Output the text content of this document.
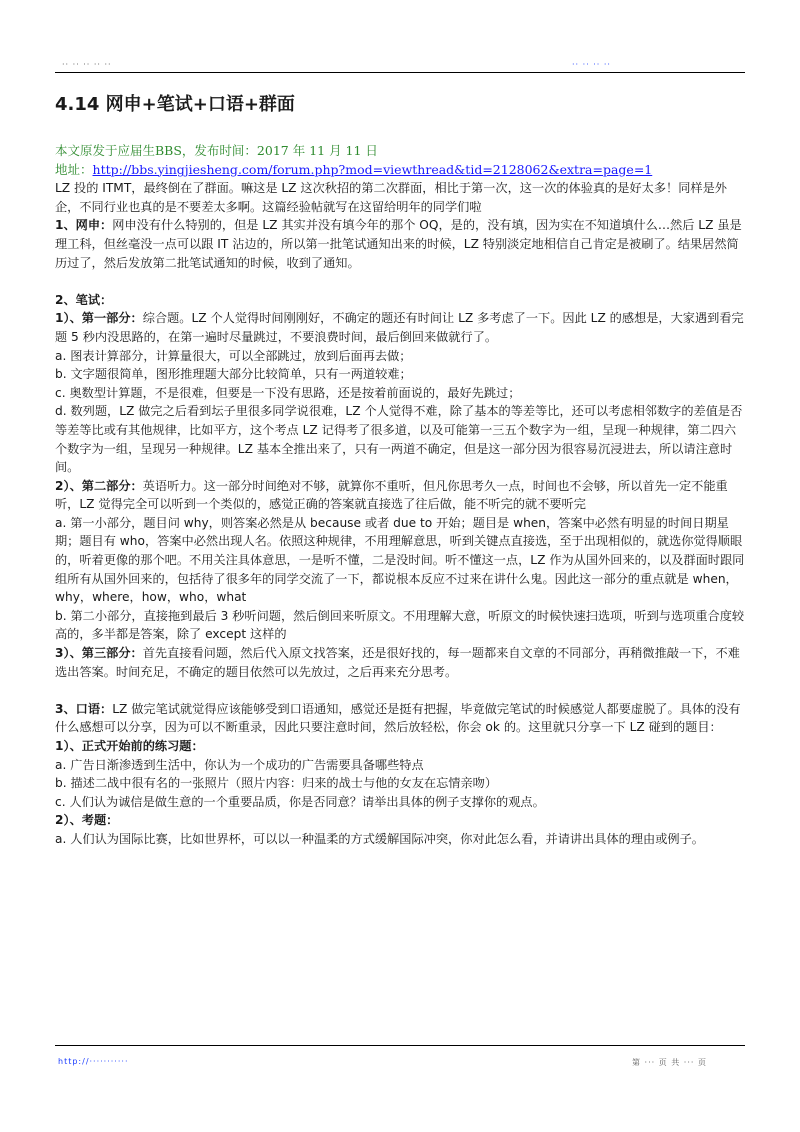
·· ·· ·· ·· ··	·· ·· ·· ··
4.14 网申+笔试+口语+群面

本文原发于应届生BBS，发布时间：2017 年 11 月 11 日

地址：http://bbs.yingjiesheng.com/forum.php?mod=viewthread&tid=2128062&extra=page=1

LZ 投的 ITMT，最终倒在了群面。嘛这是 LZ 这次秋招的第二次群面，相比于第一次，这一次的体验真的是好太多！同样是外企，不同行业也真的是不要差太多啊。这篇经验帖就写在这留给明年的同学们啦

1、网申：网申没有什么特别的，但是 LZ 其实并没有填今年的那个 OQ，是的，没有填，因为实在不知道填什么…然后 LZ 虽是理工科，但丝毫没一点可以跟 IT 沾边的，所以第一批笔试通知出来的时候，LZ 特别淡定地相信自己肯定是被刷了。结果居然简历过了，然后发放第二批笔试通知的时候，收到了通知。

2、笔试：

1）、第一部分：综合题。LZ 个人觉得时间刚刚好，不确定的题还有时间让 LZ 多考虑了一下。因此 LZ 的感想是，大家遇到看完题 5 秒内没思路的，在第一遍时尽量跳过，不要浪费时间，最后倒回来做就行了。

a. 图表计算部分，计算量很大，可以全部跳过，放到后面再去做；

b. 文字题很简单，图形推理题大部分比较简单，只有一两道较难；

c. 奥数型计算题，不是很难，但要是一下没有思路，还是按着前面说的，最好先跳过；

d. 数列题，LZ 做完之后看到坛子里很多同学说很难，LZ 个人觉得不难，除了基本的等差等比，还可以考虑相邻数字的差值是否等差等比或有其他规律，比如平方，这个考点 LZ 记得考了很多道，以及可能第一三五个数字为一组，呈现一种规律，第二四六个数字为一组，呈现另一种规律。LZ 基本全推出来了，只有一两道不确定，但是这一部分因为很容易沉浸进去，所以请注意时间。

2）、第二部分：英语听力。这一部分时间绝对不够，就算你不重听，但凡你思考久一点，时间也不会够，所以首先一定不能重听，LZ 觉得完全可以听到一个类似的，感觉正确的答案就直接选了往后做，能不听完的就不要听完

a. 第一小部分，题目问 why，则答案必然是从 because 或者 due to 开始；题目是 when，答案中必然有明显的时间日期星期；题目有 who，答案中必然出现人名。依照这种规律，不用理解意思，听到关键点直接选，至于出现相似的，就选你觉得顺眼的，听着更像的那个吧。不用关注具体意思，一是听不懂，二是没时间。听不懂这一点，LZ 作为从国外回来的，以及群面时跟同组所有从国外回来的，包括待了很多年的同学交流了一下，都说根本反应不过来在讲什么鬼。因此这一部分的重点就是 when，why，where，how，who，what

b. 第二小部分，直接拖到最后 3 秒听问题，然后倒回来听原文。不用理解大意，听原文的时候快速扫选项，听到与选项重合度较高的，多半都是答案，除了 except 这样的

3）、第三部分：首先直接看问题，然后代入原文找答案，还是很好找的，每一题都来自文章的不同部分，再稍微推敲一下，不难选出答案。时间充足，不确定的题目依然可以先放过，之后再来充分思考。

3、口语：LZ 做完笔试就觉得应该能够受到口语通知，感觉还是挺有把握，毕竟做完笔试的时候感觉人都要虚脱了。具体的没有什么感想可以分享，因为可以不断重录，因此只要注意时间，然后放轻松，你会 ok 的。这里就只分享一下 LZ 碰到的题目：

1）、正式开始前的练习题：

a. 广告日渐渗透到生活中，你认为一个成功的广告需要具备哪些特点

b. 描述二战中很有名的一张照片（照片内容：归来的战士与他的女友在忘情亲吻）

c. 人们认为诚信是做生意的一个重要品质，你是否同意？请举出具体的例子支撑你的观点。

2）、考题：

a. 人们认为国际比赛，比如世界杯，可以以一种温柔的方式缓解国际冲突，你对此怎么看，并请讲出具体的理由或例子。

http://···········	第 ··· 页 共 ··· 页
